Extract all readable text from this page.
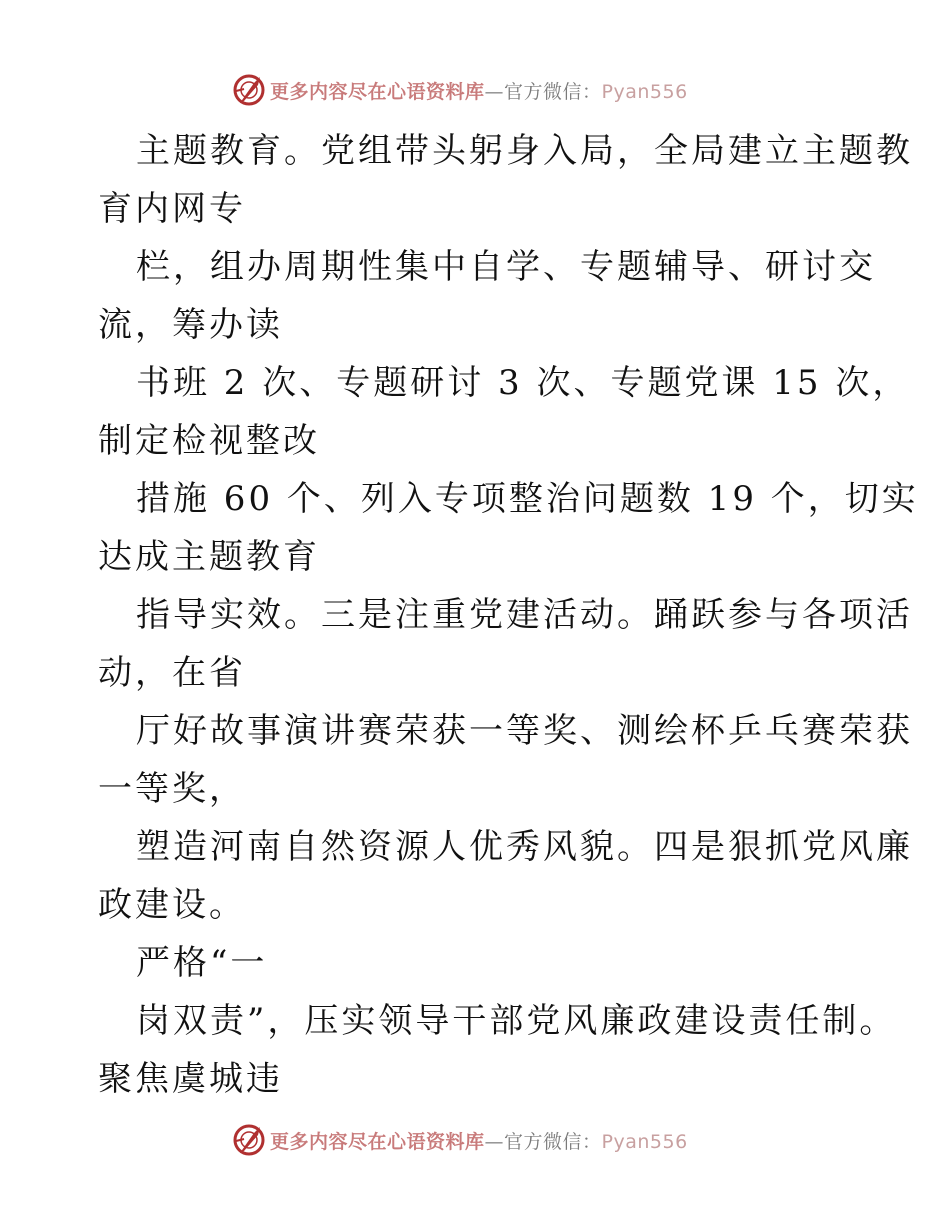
更多内容尽在心语资料库—官方微信：Pyan556
主题教育。党组带头躬身入局，全局建立主题教
育内网专
栏，组办周期性集中自学、专题辅导、研讨交
流，筹办读
书班 2 次、专题研讨 3 次、专题党课 15 次，
制定检视整改
措施 60 个、列入专项整治问题数 19 个，切实
达成主题教育
指导实效。三是注重党建活动。踊跃参与各项活
动，在省
厅好故事演讲赛荣获一等奖、测绘杯乒乓赛荣获
一等奖，
塑造河南自然资源人优秀风貌。四是狠抓党风廉
政建设。
严格“一
岗双责”，压实领导干部党风廉政建设责任制。
聚焦虞城违
更多内容尽在心语资料库—官方微信：Pyan556
